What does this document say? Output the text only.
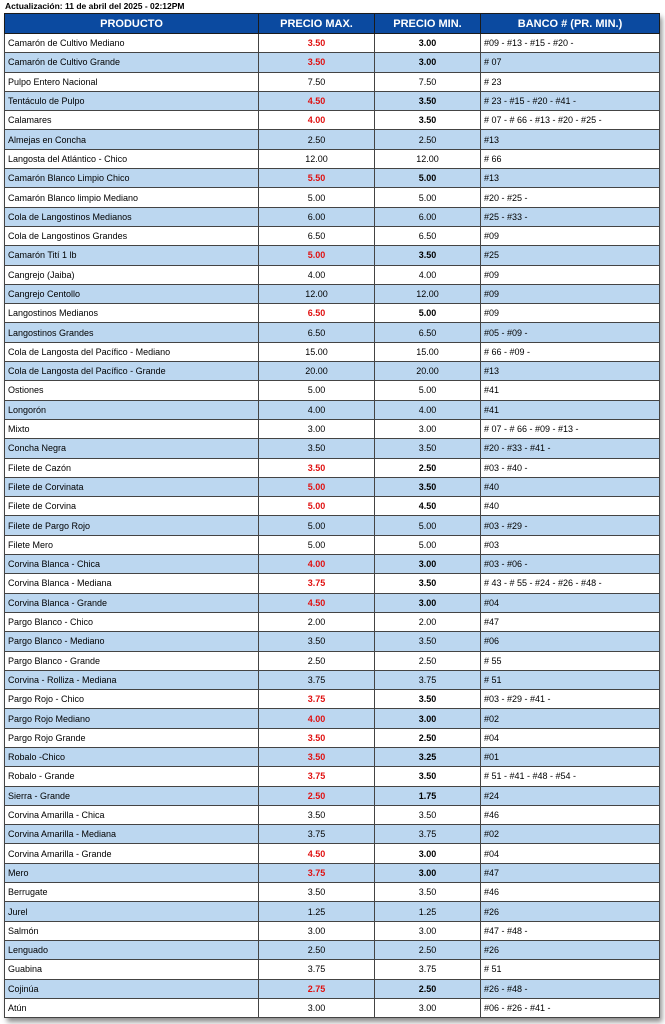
Actualización: 11 de abril del 2025 - 02:12PM
PRODUCTO	PRECIO MAX.	PRECIO MIN.	BANCO # (PR. MIN.)
Camarón de Cultivo Mediano	3.50	3.00	#09 - #13 - #15 - #20 -
Camarón de Cultivo Grande	3.50	3.00	# 07
Pulpo Entero Nacional	7.50	7.50	# 23
Tentáculo de Pulpo	4.50	3.50	# 23 - #15 - #20 - #41 -
Calamares	4.00	3.50	# 07 - # 66 - #13 - #20 - #25 -
Almejas en Concha	2.50	2.50	#13
Langosta del Atlántico - Chico	12.00	12.00	# 66
Camarón Blanco Limpio Chico	5.50	5.00	#13
Camarón Blanco limpio Mediano	5.00	5.00	#20 - #25 -
Cola de Langostinos Medianos	6.00	6.00	#25 - #33 -
Cola de Langostinos Grandes	6.50	6.50	#09
Camarón Tití 1 lb	5.00	3.50	#25
Cangrejo (Jaiba)	4.00	4.00	#09
Cangrejo Centollo	12.00	12.00	#09
Langostinos Medianos	6.50	5.00	#09
Langostinos Grandes	6.50	6.50	#05 - #09 -
Cola de Langosta del Pacífico - Mediano	15.00	15.00	# 66 - #09 -
Cola de Langosta del Pacífico - Grande	20.00	20.00	#13
Ostiones	5.00	5.00	#41
Longorón	4.00	4.00	#41
Mixto	3.00	3.00	# 07 - # 66 - #09 - #13 -
Concha Negra	3.50	3.50	#20 - #33 - #41 -
Filete de Cazón	3.50	2.50	#03 - #40 -
Filete de Corvinata	5.00	3.50	#40
Filete de Corvina	5.00	4.50	#40
Filete de Pargo Rojo	5.00	5.00	#03 - #29 -
Filete Mero	5.00	5.00	#03
Corvina Blanca - Chica	4.00	3.00	#03 - #06 -
Corvina Blanca - Mediana	3.75	3.50	# 43 - # 55 - #24 - #26 - #48 -
Corvina Blanca - Grande	4.50	3.00	#04
Pargo Blanco - Chico	2.00	2.00	#47
Pargo Blanco - Mediano	3.50	3.50	#06
Pargo Blanco - Grande	2.50	2.50	# 55
Corvina - Rolliza - Mediana	3.75	3.75	# 51
Pargo Rojo - Chico	3.75	3.50	#03 - #29 - #41 -
Pargo Rojo Mediano	4.00	3.00	#02
Pargo Rojo Grande	3.50	2.50	#04
Robalo -Chico	3.50	3.25	#01
Robalo - Grande	3.75	3.50	# 51 - #41 - #48 - #54 -
Sierra - Grande	2.50	1.75	#24
Corvina Amarilla - Chica	3.50	3.50	#46
Corvina Amarilla - Mediana	3.75	3.75	#02
Corvina Amarilla - Grande	4.50	3.00	#04
Mero	3.75	3.00	#47
Berrugate	3.50	3.50	#46
Jurel	1.25	1.25	#26
Salmón	3.00	3.00	#47 - #48 -
Lenguado	2.50	2.50	#26
Guabina	3.75	3.75	# 51
Cojinúa	2.75	2.50	#26 - #48 -
Atún	3.00	3.00	#06 - #26 - #41 -
